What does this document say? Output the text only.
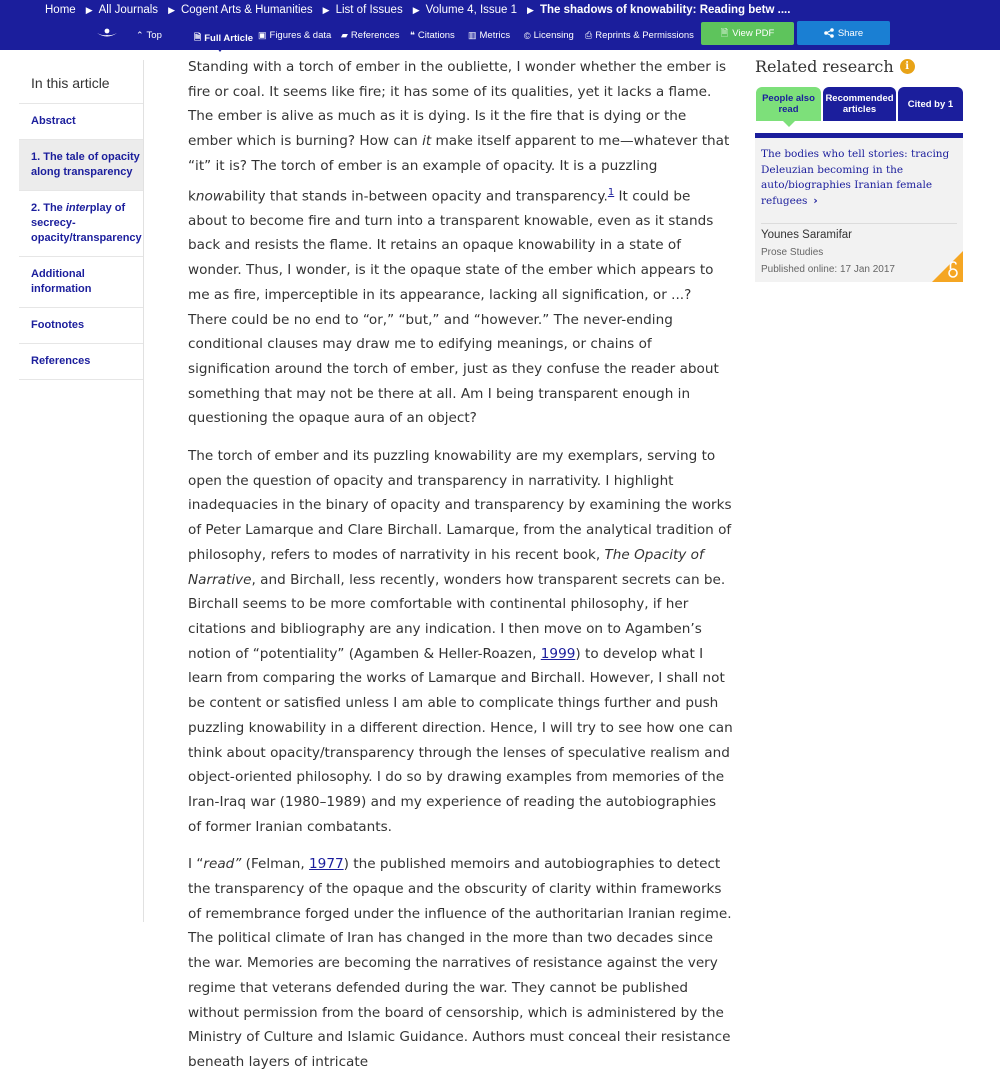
Home ▶ All Journals ▶ Cogent Arts & Humanities ▶ List of Issues ▶ Volume 4, Issue 1 ▶ The shadows of knowability: Reading betw ....
⌃ Top	🗎 Full Article ▣ Figures & data ▰ References ❝ Citations ▥ Metrics © Licensing ⎙ Reprints & Permissions	🗎 View PDF	Share
In this article
Abstract
1. The tale of opacity along transparency
2. The interplay of secrecy-opacity/transparency
Additional information
Footnotes
References

Standing with a torch of ember in the oubliette, I wonder whether the ember is fire or coal. It seems like fire; it has some of its qualities, yet it lacks a flame. The ember is alive as much as it is dying. Is it the fire that is dying or the ember which is burning? How can it make itself apparent to me—whatever that “it” it is? The torch of ember is an example of opacity. It is a puzzling knowability that stands in-between opacity and transparency.$^1$ It could be about to become fire and turn into a transparent knowable, even as it stands back and resists the flame. It retains an opaque knowability in a state of wonder. Thus, I wonder, is it the opaque state of the ember which appears to me as fire, imperceptible in its appearance, lacking all signification, or ...? There could be no end to “or,” “but,” and “however.” The never-ending conditional clauses may draw me to edifying meanings, or chains of signification around the torch of ember, just as they confuse the reader about something that may not be there at all. Am I being transparent enough in questioning the opaque aura of an object?

The torch of ember and its puzzling knowability are my exemplars, serving to open the question of opacity and transparency in narrativity. I highlight inadequacies in the binary of opacity and transparency by examining the works of Peter Lamarque and Clare Birchall. Lamarque, from the analytical tradition of philosophy, refers to modes of narrativity in his recent book, The Opacity of Narrative, and Birchall, less recently, wonders how transparent secrets can be. Birchall seems to be more comfortable with continental philosophy, if her citations and bibliography are any indication. I then move on to Agamben’s notion of “potentiality” (Agamben & Heller-Roazen, 1999) to develop what I learn from comparing the works of Lamarque and Birchall. However, I shall not be content or satisfied unless I am able to complicate things further and push puzzling knowability in a different direction. Hence, I will try to see how one can think about opacity/transparency through the lenses of speculative realism and object-oriented philosophy. I do so by drawing examples from memories of the Iran-Iraq war (1980–1989) and my experience of reading the autobiographies of former Iranian combatants.

I “read” (Felman, 1977) the published memoirs and autobiographies to detect the transparency of the opaque and the obscurity of clarity within frameworks of remembrance forged under the influence of the authoritarian Iranian regime. The political climate of Iran has changed in the more than two decades since the war. Memories are becoming the narratives of resistance against the very regime that veterans defended during the war. They cannot be published without permission from the board of censorship, which is administered by the Ministry of Culture and Islamic Guidance. Authors must conceal their resistance beneath layers of intricate

Related research	i
People also read
Recommended articles	Cited by 1
The bodies who tell stories: tracing Deleuzian becoming in the auto/biographies Iranian female refugees ›
Younes Saramifar
Prose Studies
Published online: 17 Jan 2017
